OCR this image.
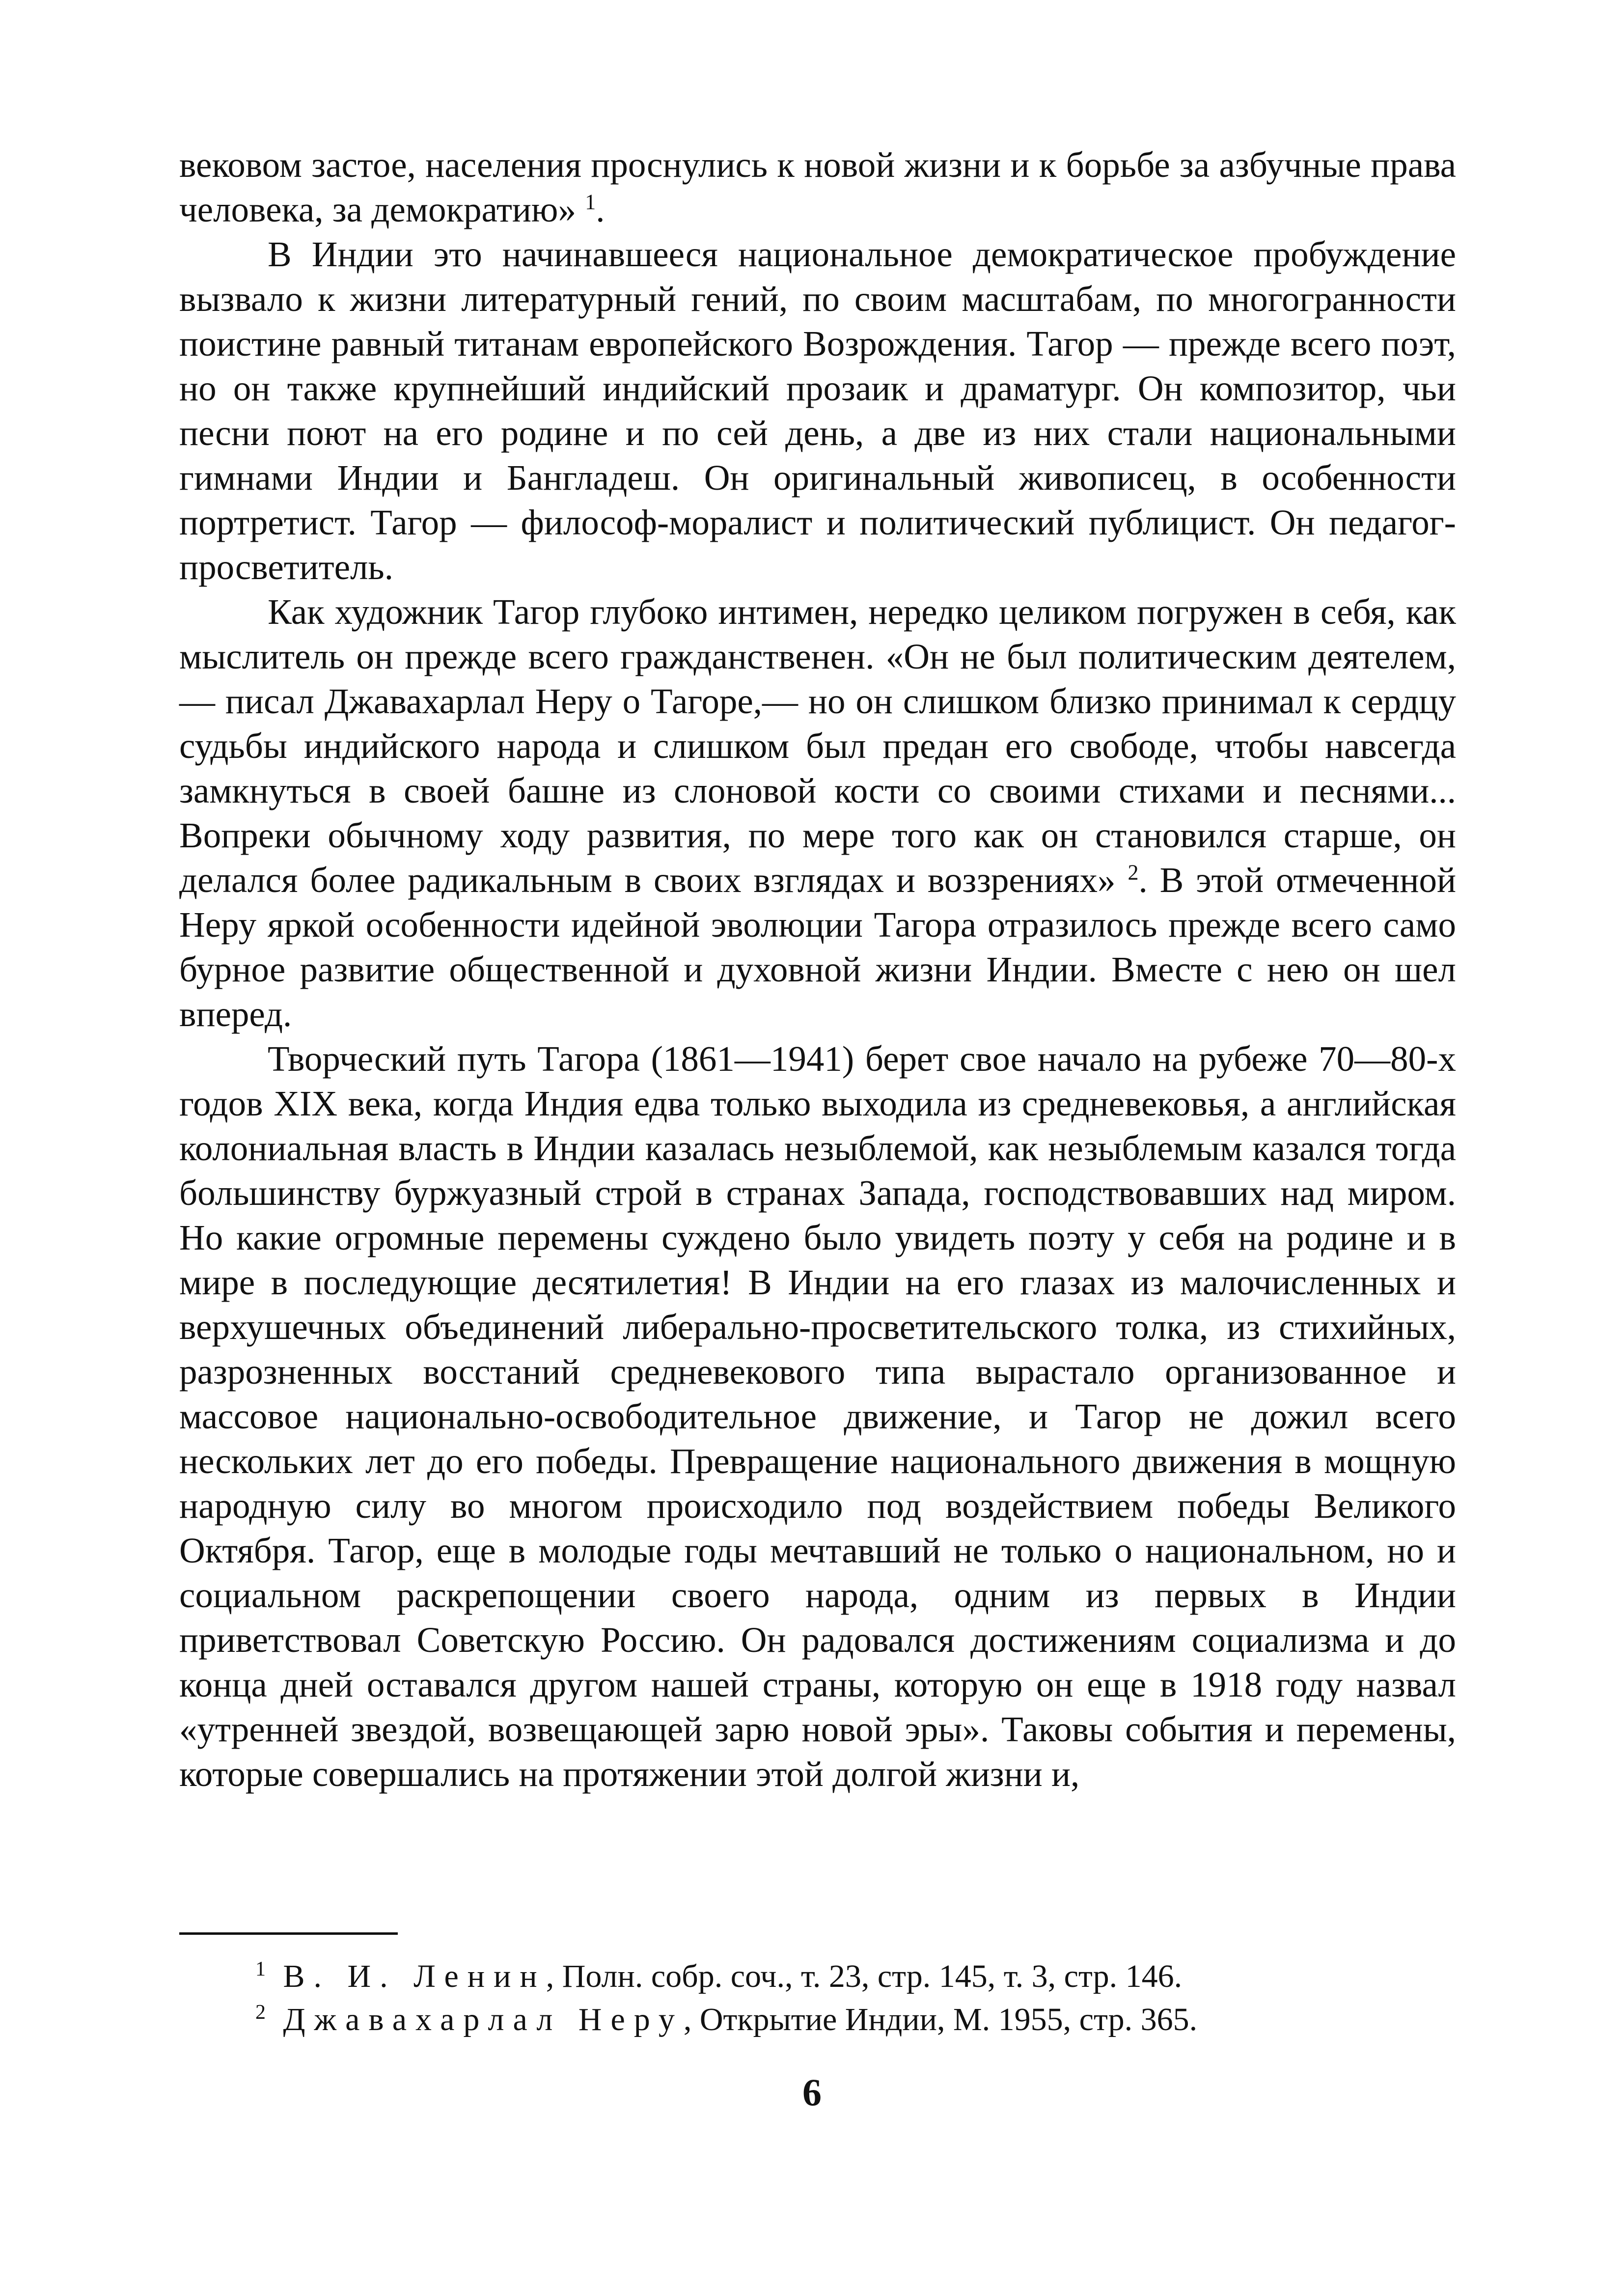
вековом застое, населения проснулись к новой жизни и к борьбе за азбучные права человека, за демократию» $^1$.

В Индии это начинавшееся национальное демократическое пробуждение вызвало к жизни литературный гений, по своим масштабам, по многогранности поистине равный титанам европейского Возрождения. Тагор — прежде всего поэт, но он также крупнейший индийский прозаик и драматург. Он композитор, чьи песни поют на его родине и по сей день, а две из них стали национальными гимнами Индии и Бангладеш. Он оригинальный живописец, в особенности портретист. Тагор — философ-моралист и политический публицист. Он педагог-просветитель.

Как художник Тагор глубоко интимен, нередко целиком погружен в себя, как мыслитель он прежде всего гражданственен. «Он не был политическим деятелем,— писал Джавахарлал Неру о Тагоре,— но он слишком близко принимал к сердцу судьбы индийского народа и слишком был предан его свободе, чтобы навсегда замкнуться в своей башне из слоновой кости со своими стихами и песнями... Вопреки обычному ходу развития, по мере того как он становился старше, он делался более радикальным в своих взглядах и воззрениях» $^2$. В этой отмеченной Неру яркой особенности идейной эволюции Тагора отразилось прежде всего само бурное развитие общественной и духовной жизни Индии. Вместе с нею он шел вперед.

Творческий путь Тагора (1861—1941) берет свое начало на рубеже 70—80-х годов XIX века, когда Индия едва только выходила из средневековья, а английская колониальная власть в Индии казалась незыблемой, как незыблемым казался тогда большинству буржуазный строй в странах Запада, господствовавших над миром. Но какие огромные перемены суждено было увидеть поэту у себя на родине и в мире в последующие десятилетия! В Индии на его глазах из малочисленных и верхушечных объединений либерально-просветительского толка, из стихийных, разрозненных восстаний средневекового типа вырастало организованное и массовое национально-освободительное движение, и Тагор не дожил всего нескольких лет до его победы. Превращение национального движения в мощную народную силу во многом происходило под воздействием победы Великого Октября. Тагор, еще в молодые годы мечтавший не только о национальном, но и социальном раскрепощении своего народа, одним из первых в Индии приветствовал Советскую Россию. Он радовался достижениям социализма и до конца дней оставался другом нашей страны, которую он еще в 1918 году назвал «утренней звездой, возвещающей зарю новой эры». Таковы события и перемены, которые совершались на протяжении этой долгой жизни и,

1 В. И. Ленин, Полн. собр. соч., т. 23, стр. 145, т. 3, стр. 146.

2 Джавахарлал Неру, Открытие Индии, М. 1955, стр. 365.

6
